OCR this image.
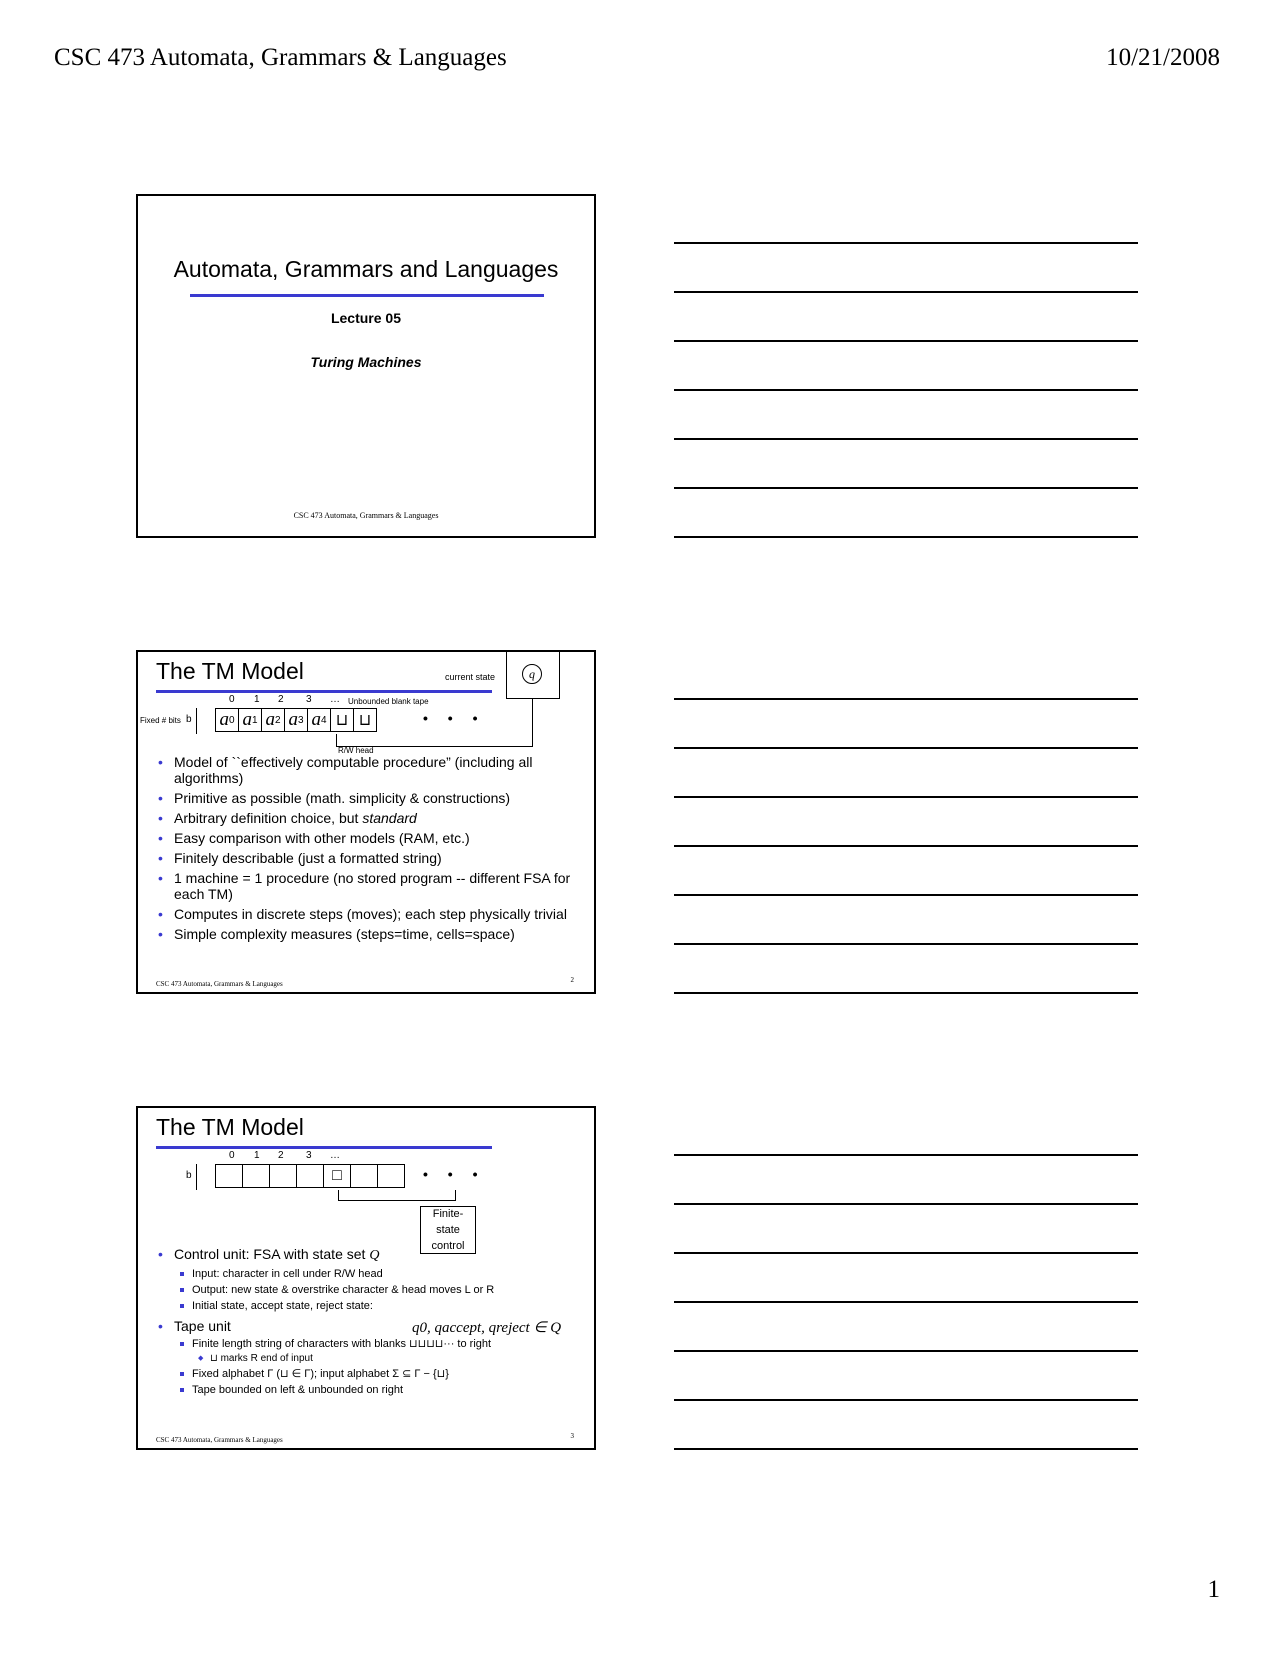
CSC 473 Automata, Grammars & Languages	10/21/2008
Automata, Grammars and Languages
Lecture 05
Turing Machines
CSC 473 Automata, Grammars & Languages
The TM Model	current state	q
0 1 2 3 … Unbounded blank tape
Fixed # bits b a 0 a 1 a 2 a 3 a 4 ⊔ ⊔	• • •
R/W head
• Model of ``effectively computable procedure” (including all algorithms)
• Primitive as possible (math. simplicity & constructions)
• Arbitrary definition choice, but standard
• Easy comparison with other models (RAM, etc.)
• Finitely describable (just a formatted string)
• 1 machine = 1 procedure (no stored program -- different FSA for each TM)
• Computes in discrete steps (moves); each step physically trivial
• Simple complexity measures (steps=time, cells=space)
CSC 473 Automata, Grammars & Languages	2
The TM Model
0 1 2 3 …
b	□	• • •
Finite-state control
• Control unit: FSA with state set Q
Input: character in cell under R/W head
Output: new state & overstrike character & head moves L or R
Initial state, accept state, reject state:
• Tape unit
Finite length string of characters with blanks ⊔⊔⊔⊔··· to right
◆ ⊔ marks R end of input
Fixed alphabet Γ (⊔ ∈ Γ); input alphabet Σ ⊆ Γ − {⊔}
Tape bounded on left & unbounded on right
q0, qaccept, qreject ∈ Q
CSC 473 Automata, Grammars & Languages	3
1
